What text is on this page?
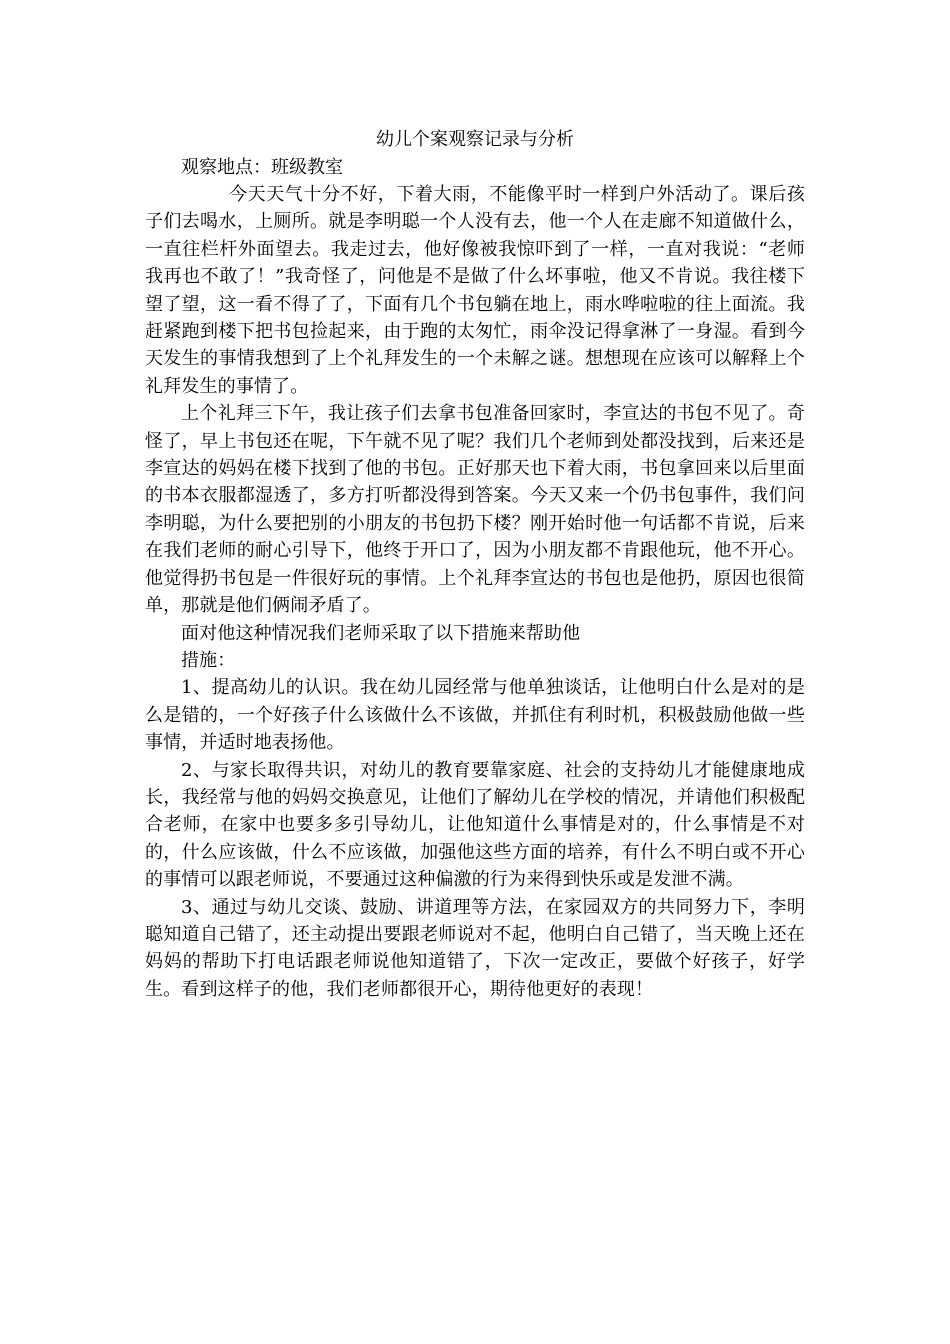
幼儿个案观察记录与分析
观察地点：班级教室

今天天气十分不好，下着大雨，不能像平时一样到户外活动了。课后孩子们去喝水，上厕所。就是李明聪一个人没有去，他一个人在走廊不知道做什么，一直往栏杆外面望去。我走过去，他好像被我惊吓到了一样，一直对我说：“老师我再也不敢了！”我奇怪了，问他是不是做了什么坏事啦，他又不肯说。我往楼下望了望，这一看不得了了，下面有几个书包躺在地上，雨水哗啦啦的往上面流。我赶紧跑到楼下把书包捡起来，由于跑的太匆忙，雨伞没记得拿淋了一身湿。看到今天发生的事情我想到了上个礼拜发生的一个未解之谜。想想现在应该可以解释上个礼拜发生的事情了。

上个礼拜三下午，我让孩子们去拿书包准备回家时，李宣达的书包不见了。奇怪了，早上书包还在呢，下午就不见了呢？我们几个老师到处都没找到，后来还是李宣达的妈妈在楼下找到了他的书包。正好那天也下着大雨，书包拿回来以后里面的书本衣服都湿透了，多方打听都没得到答案。今天又来一个仍书包事件，我们问李明聪，为什么要把别的小朋友的书包扔下楼？刚开始时他一句话都不肯说，后来在我们老师的耐心引导下，他终于开口了，因为小朋友都不肯跟他玩，他不开心。他觉得扔书包是一件很好玩的事情。上个礼拜李宣达的书包也是他扔，原因也很简单，那就是他们俩闹矛盾了。

面对他这种情况我们老师采取了以下措施来帮助他

措施：

1、提高幼儿的认识。我在幼儿园经常与他单独谈话，让他明白什么是对的是么是错的，一个好孩子什么该做什么不该做，并抓住有利时机，积极鼓励他做一些事情，并适时地表扬他。

2、与家长取得共识，对幼儿的教育要靠家庭、社会的支持幼儿才能健康地成长，我经常与他的妈妈交换意见，让他们了解幼儿在学校的情况，并请他们积极配合老师，在家中也要多多引导幼儿，让他知道什么事情是对的，什么事情是不对的，什么应该做，什么不应该做，加强他这些方面的培养，有什么不明白或不开心的事情可以跟老师说，不要通过这种偏激的行为来得到快乐或是发泄不满。

3、通过与幼儿交谈、鼓励、讲道理等方法，在家园双方的共同努力下，李明聪知道自己错了，还主动提出要跟老师说对不起，他明白自己错了，当天晚上还在妈妈的帮助下打电话跟老师说他知道错了，下次一定改正，要做个好孩子，好学生。看到这样子的他，我们老师都很开心，期待他更好的表现！
